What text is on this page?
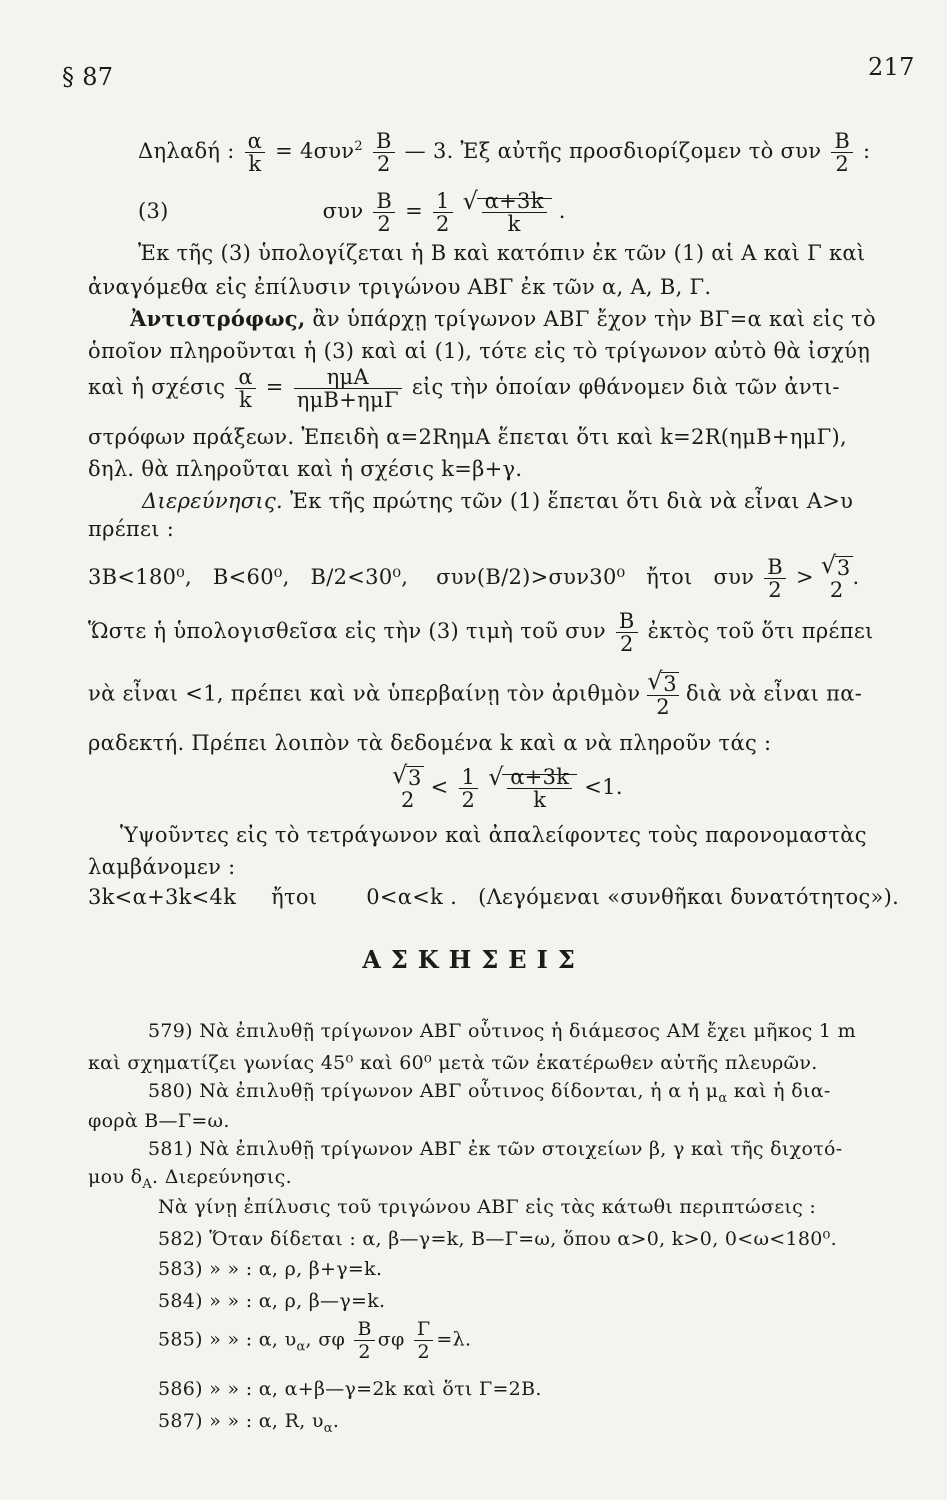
§ 87	217
Δηλαδή : $\frac{\alpha}{k} = 4\sigma\upsilon\nu^2 \frac{B}{2}$ — 3. Ἐξ αὐτῆς προσδιορίζομεν τὸ συν $\frac{B}{2}$ :
(3)	συν $\frac{B}{2} = \frac{1}{2}$
√ $\frac{\alpha+3k}{k}$ .
Ἐκ τῆς (3) ὑπολογίζεται ἡ Β καὶ κατόπιν ἐκ τῶν (1) αἱ Α καὶ Γ καὶ
ἀναγόμεθα εἰς ἐπίλυσιν τριγώνου ΑΒΓ ἐκ τῶν α, Α, Β, Γ.
Ἀντιστρόφως, ἂν ὑπάρχῃ τρίγωνον ΑΒΓ ἔχον τὴν ΒΓ=α καὶ εἰς τὸ
ὁποῖον πληροῦνται ἡ (3) καὶ αἱ (1), τότε εἰς τὸ τρίγωνον αὐτὸ θὰ ἰσχύῃ
καὶ ἡ σχέσις $\frac{\alpha}{k} = \frac{\text{ημΑ}}{\text{ημΒ+ημΓ}}$ εἰς τὴν ὁποίαν φθάνομεν διὰ τῶν ἀντι-
στρόφων πράξεων. Ἐπειδὴ α=2RημΑ ἕπεται ὅτι καὶ k=2R(ημΒ+ημΓ),
δηλ. θὰ πληροῦται καὶ ἡ σχέσις k=β+γ.
Διερεύνησις. Ἐκ τῆς πρώτης τῶν (1) ἕπεται ὅτι διὰ νὰ εἶναι Α>υ
πρέπει :
3Β<180⁰, Β<60⁰, Β/2<30⁰, συν(Β/2)>συν30⁰ ἤτοι συν $\frac{B}{2}$ > √ 3
2
.
Ὥστε ἡ ὑπολογισθεῖσα εἰς τὴν (3) τιμὴ τοῦ συν $\frac{B}{2}$ ἐκτὸς τοῦ ὅτι πρέπει
νὰ εἶναι <1, πρέπει καὶ νὰ ὑπερβαίνῃ τὸν ἀριθμὸν √ $\frac{3}{2}$ διὰ νὰ εἶναι πα-
ραδεκτή. Πρέπει λοιπὸν τὰ δεδομένα k καὶ α νὰ πληροῦν τάς :
√ 3
2
< $\frac{1}{2}$
√ $\frac{\alpha+3k}{k} <1$.
Ὑψοῦντες εἰς τὸ τετράγωνον καὶ ἀπαλείφοντες τοὺς παρονομαστὰς
λαμβάνομεν :
3k<α+3k<4k ἤτοι 0<α<k . (Λεγόμεναι «συνθῆκαι δυνατότητος»).
ΑΣΚΗΣΕΙΣ
579) Νὰ ἐπιλυθῇ τρίγωνον ΑΒΓ οὗτινος ἡ διάμεσος ΑΜ ἔχει μῆκος 1 m
καὶ σχηματίζει γωνίας 45⁰ καὶ 60⁰ μετὰ τῶν ἑκατέρωθεν αὐτῆς πλευρῶν.
580) Νὰ ἐπιλυθῇ τρίγωνον ΑΒΓ οὗτινος δίδονται, ἡ α ἡ $\mu_\alpha$ καὶ ἡ δια-
φορὰ Β—Γ=ω.
581) Νὰ ἐπιλυθῇ τρίγωνον ΑΒΓ ἐκ τῶν στοιχείων β, γ καὶ τῆς διχοτό-
μου $\delta_A$. Διερεύνησις.
Νὰ γίνῃ ἐπίλυσις τοῦ τριγώνου ΑΒΓ εἰς τὰς κάτωθι περιπτώσεις :
582) Ὅταν δίδεται : α, β—γ=k, Β—Γ=ω, ὅπου α>0, k>0, 0<ω<180⁰.
583) » » : α, ρ, β+γ=k.
584) » » : α, ρ, β—γ=k.
585) » » : α, $\upsilon_\alpha$, σφ $\frac{B}{2}$ σφ $\frac{\Gamma}{2} =\lambda$.
586) » » : α, α+β—γ=2k καὶ ὅτι Γ=2Β.
587) » » : α, R, $\upsilon_\alpha$.
